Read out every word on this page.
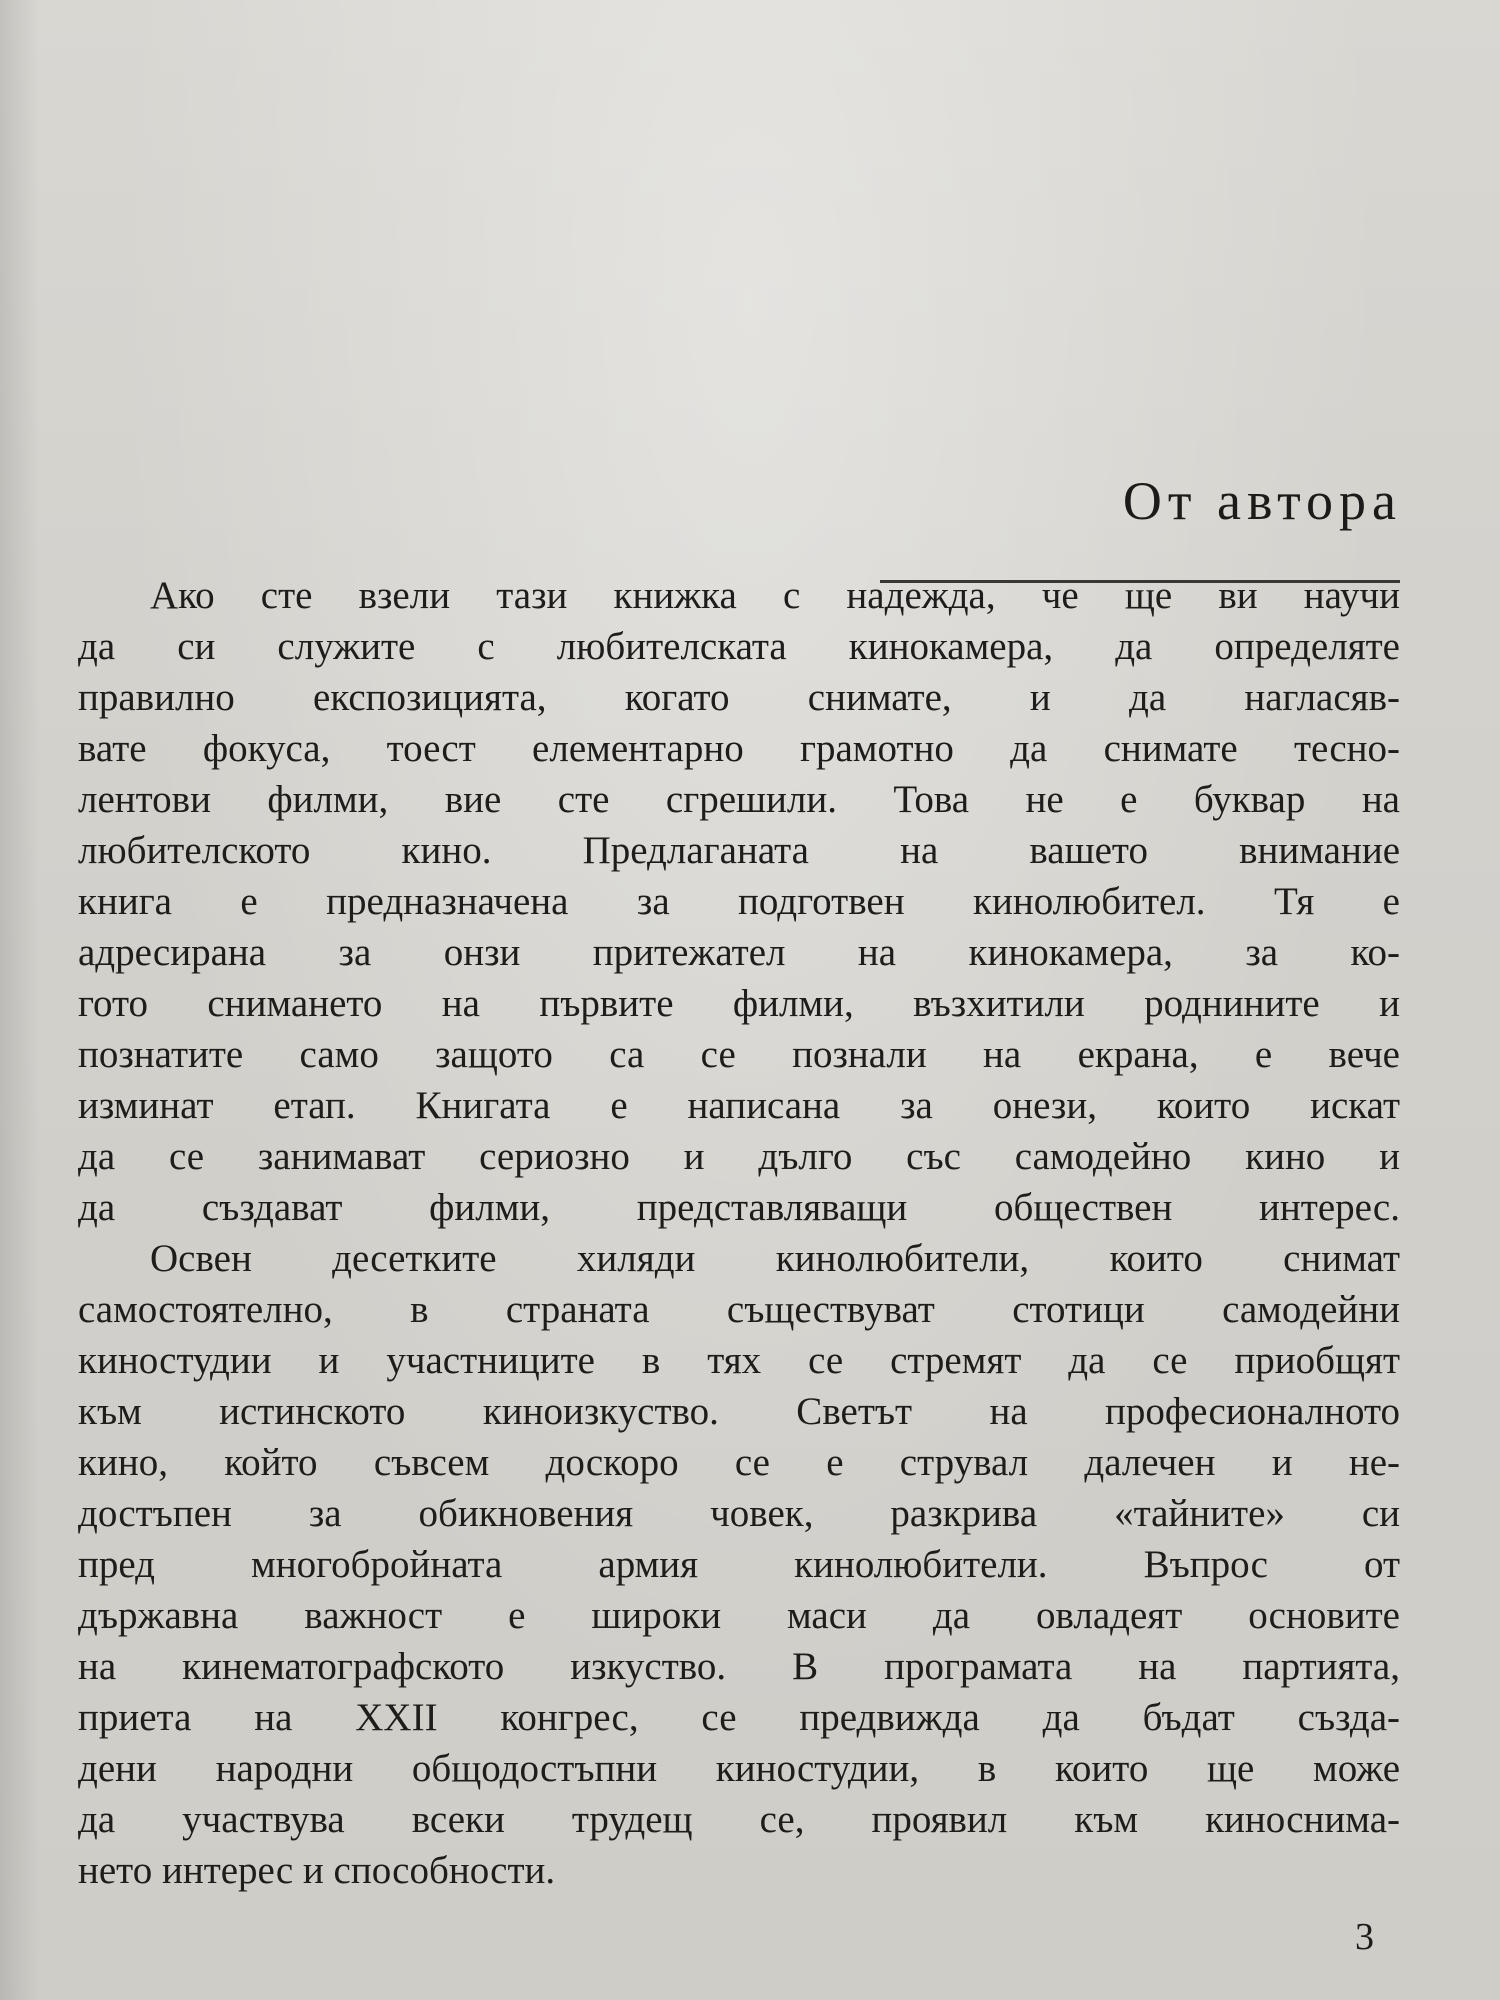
От автора
Ако сте взели тази книжка с надежда, че ще ви научи
да си служите с любителската кинокамера, да определяте
правилно експозицията, когато снимате, и да нагласяв-
вате фокуса, тоест елементарно грамотно да снимате тесно-
лентови филми, вие сте сгрешили. Това не е буквар на
любителското кино. Предлаганата на вашето внимание
книга е предназначена за подготвен кинолюбител. Тя е
адресирана за онзи притежател на кинокамера, за ко-
гото снимането на първите филми, възхитили роднините и
познатите само защото са се познали на екрана, е вече
изминат етап. Книгата е написана за онези, които искат
да се занимават сериозно и дълго със самодейно кино и
да създават филми, представляващи обществен интерес.
Освен десетките хиляди кинолюбители, които снимат
самостоятелно, в страната съществуват стотици самодейни
киностудии и участниците в тях се стремят да се приобщят
към истинското киноизкуство. Светът на професионалното
кино, който съвсем доскоро се е струвал далечен и не-
достъпен за обикновения човек, разкрива «тайните» си
пред многобройната армия кинолюбители. Въпрос от
държавна важност е широки маси да овладеят основите
на кинематографското изкуство. В програмата на партията,
приета на XXII конгрес, се предвижда да бъдат създа-
дени народни общодостъпни киностудии, в които ще може
да участвува всеки трудещ се, проявил към киноснима-
нето интерес и способности.
3
